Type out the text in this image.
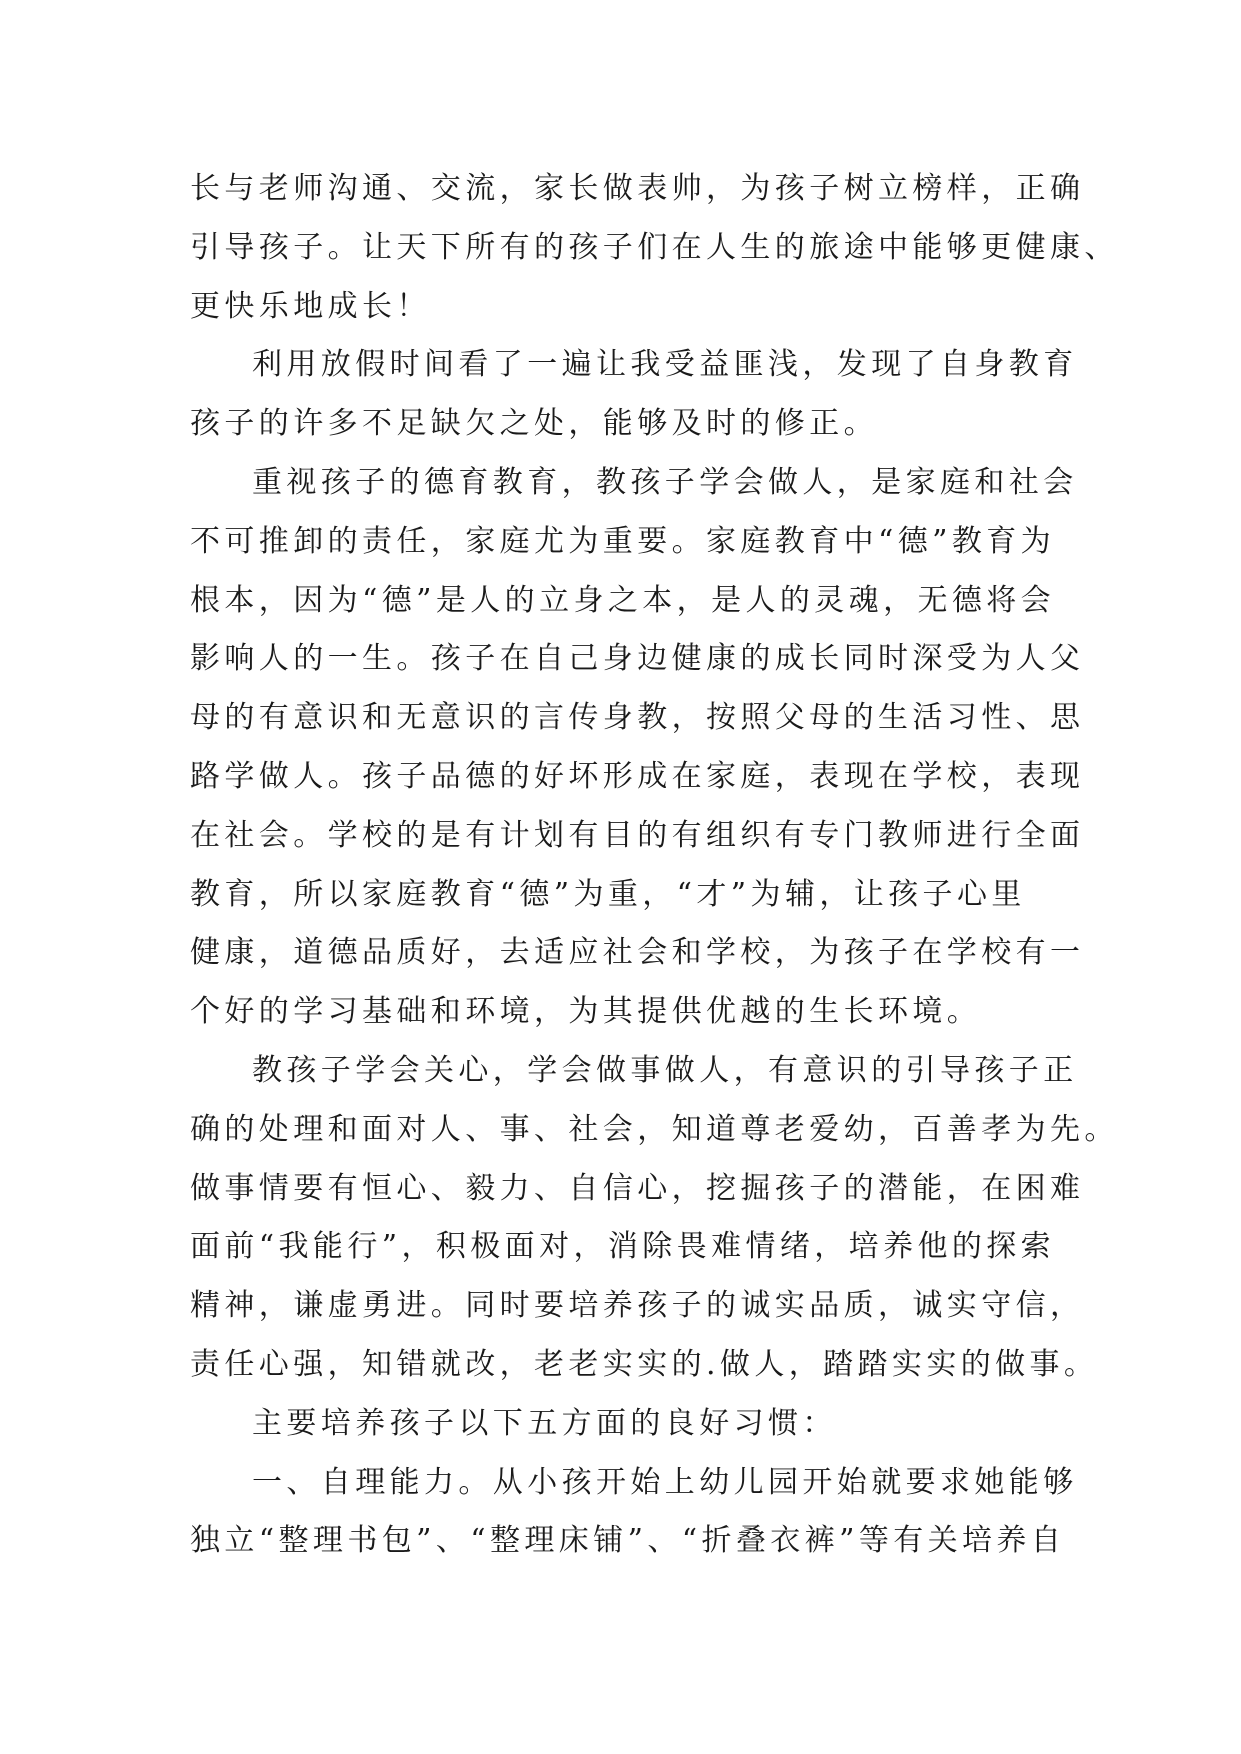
长与老师沟通、交流，家长做表帅，为孩子树立榜样，正确
引导孩子。让天下所有的孩子们在人生的旅途中能够更健康、
更快乐地成长！
利用放假时间看了一遍让我受益匪浅，发现了自身教育
孩子的许多不足缺欠之处，能够及时的修正。
重视孩子的德育教育，教孩子学会做人，是家庭和社会
不可推卸的责任，家庭尤为重要。家庭教育中“德”教育为
根本，因为“德”是人的立身之本，是人的灵魂，无德将会
影响人的一生。孩子在自己身边健康的成长同时深受为人父
母的有意识和无意识的言传身教，按照父母的生活习性、思
路学做人。孩子品德的好坏形成在家庭，表现在学校，表现
在社会。学校的是有计划有目的有组织有专门教师进行全面
教育，所以家庭教育“德”为重，“才”为辅，让孩子心里
健康，道德品质好，去适应社会和学校，为孩子在学校有一
个好的学习基础和环境，为其提供优越的生长环境。
教孩子学会关心，学会做事做人，有意识的引导孩子正
确的处理和面对人、事、社会，知道尊老爱幼，百善孝为先。
做事情要有恒心、毅力、自信心，挖掘孩子的潜能，在困难
面前“我能行”，积极面对，消除畏难情绪，培养他的探索
精神，谦虚勇进。同时要培养孩子的诚实品质，诚实守信，
责任心强，知错就改，老老实实的.做人，踏踏实实的做事。
主要培养孩子以下五方面的良好习惯：
一、自理能力。从小孩开始上幼儿园开始就要求她能够
独立“整理书包”、“整理床铺”、“折叠衣裤”等有关培养自
